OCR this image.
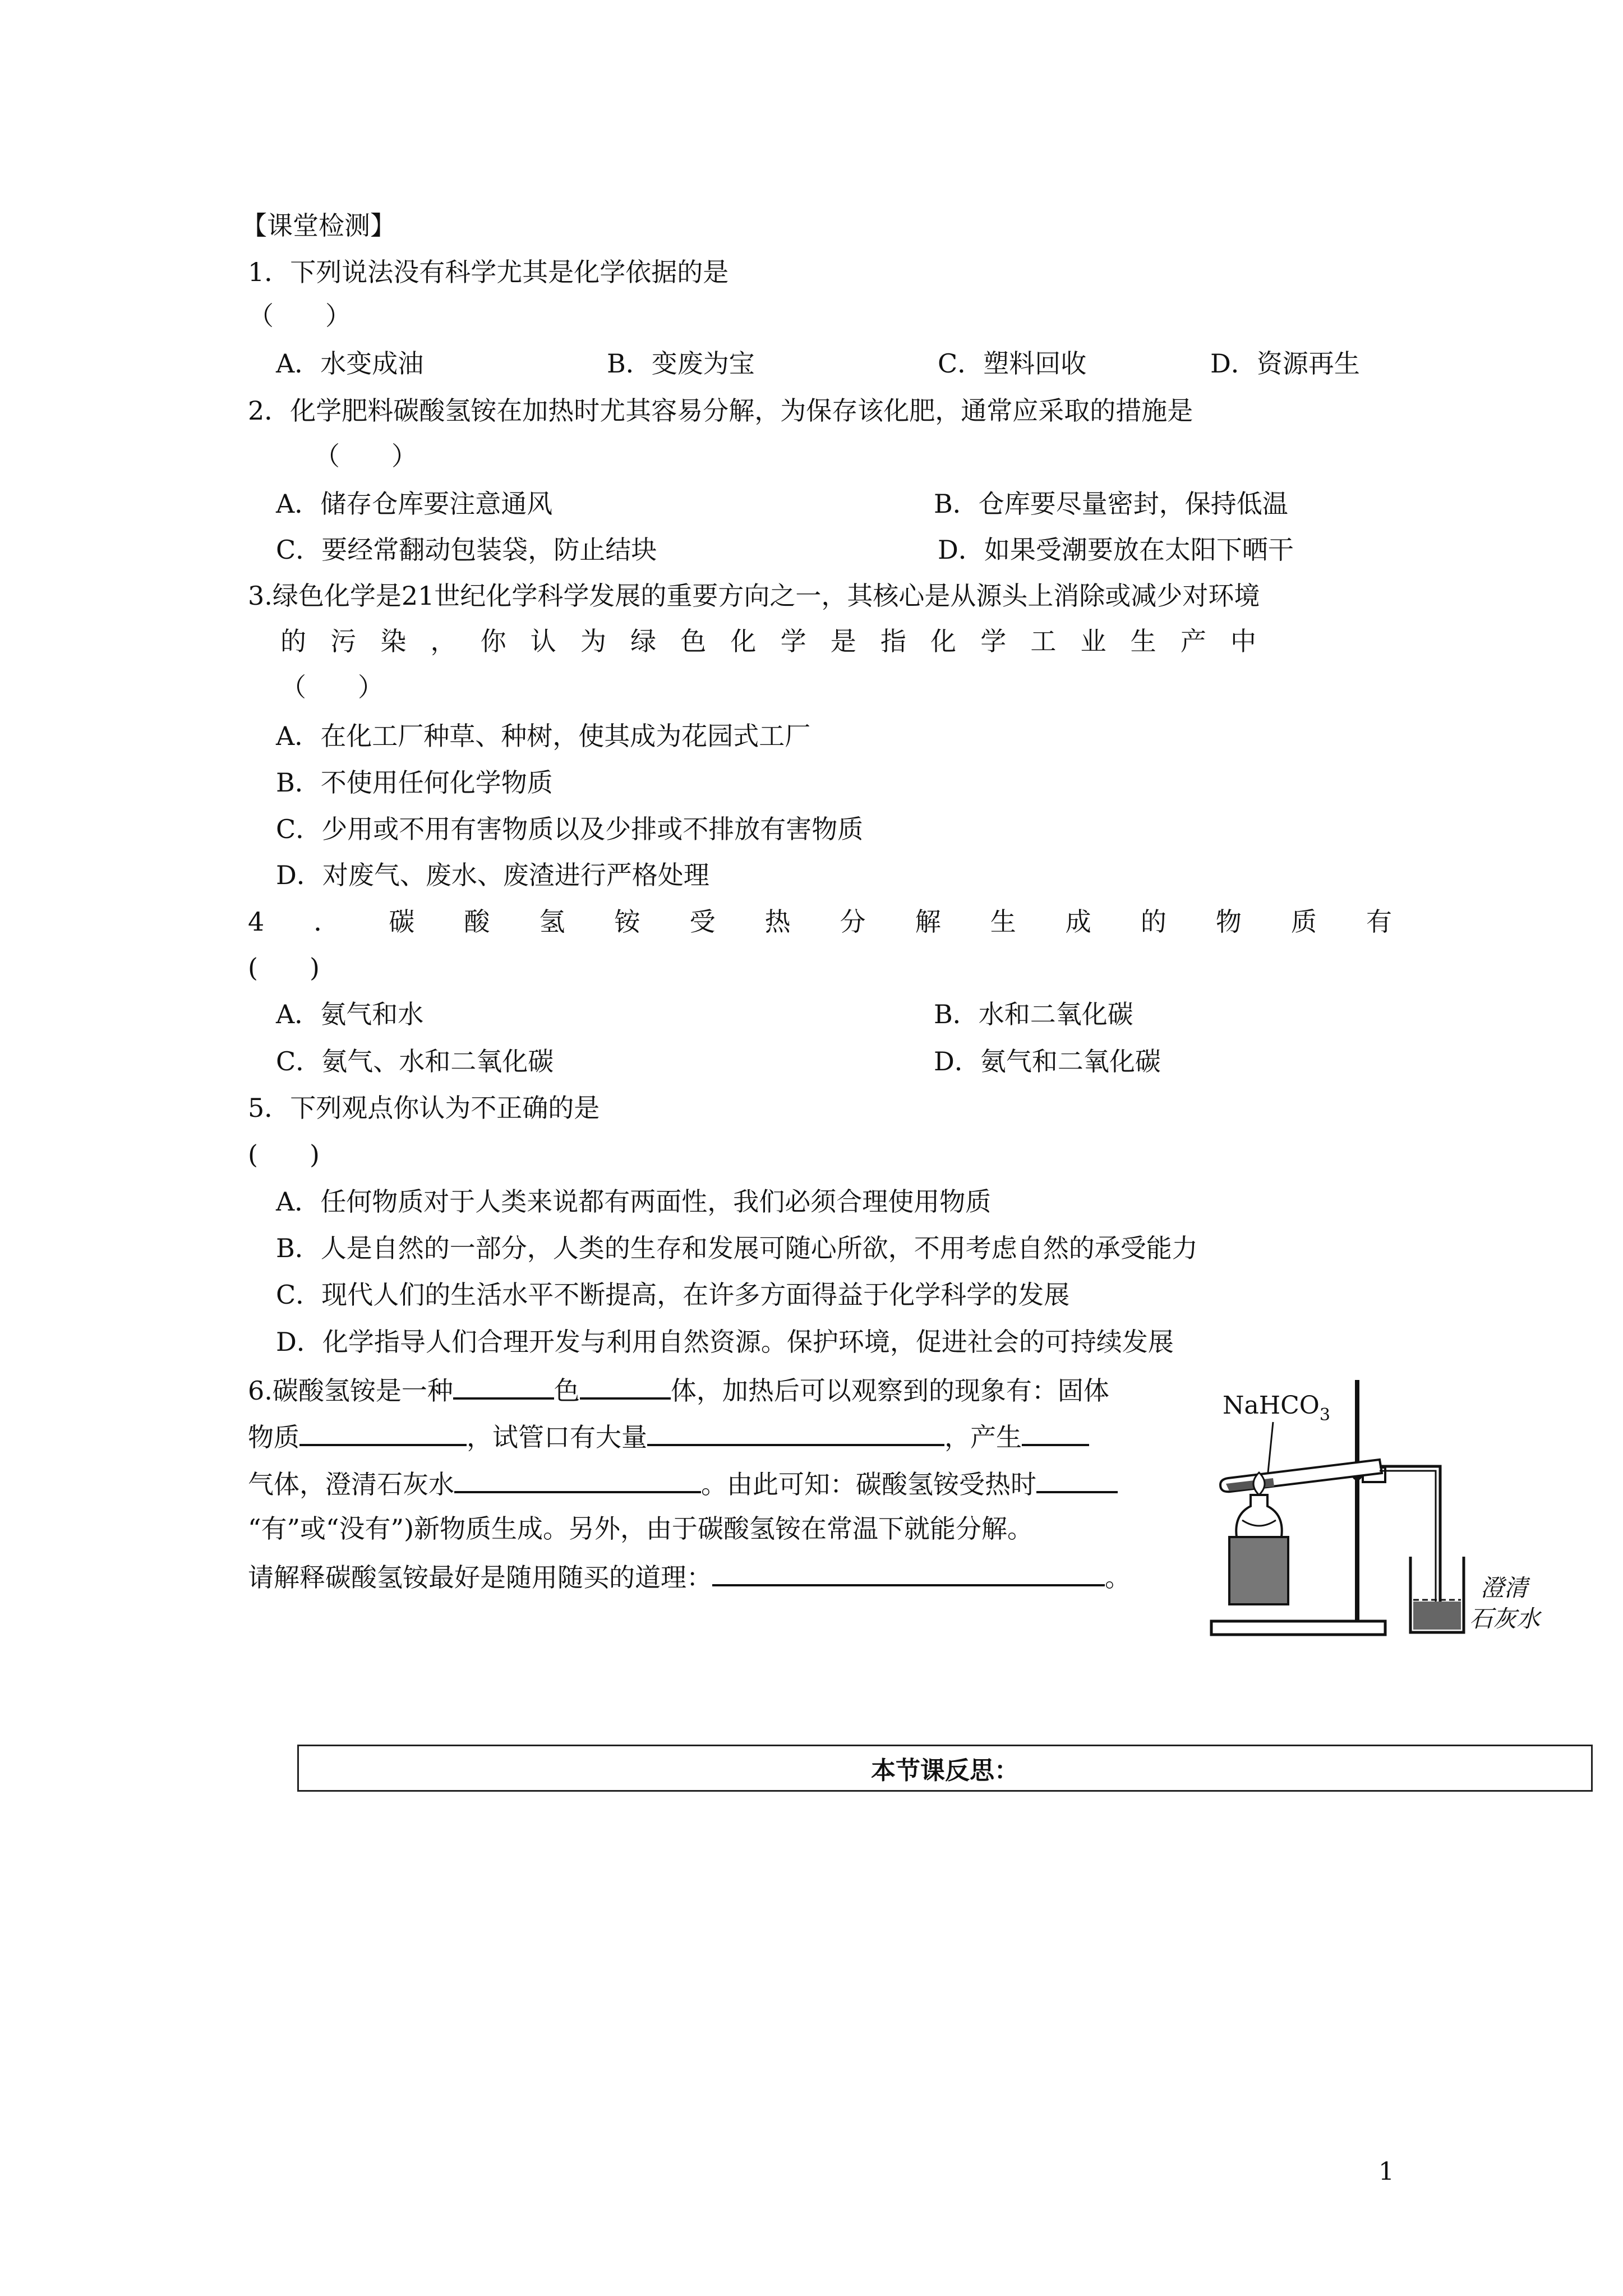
【课堂检测】
1．下列说法没有科学尤其是化学依据的是
（　　）
A．水变成油	B．变废为宝	C．塑料回收	D．资源再生
2．化学肥料碳酸氢铵在加热时尤其容易分解，为保存该化肥，通常应采取的措施是
（　　）
A．储存仓库要注意通风	B．仓库要尽量密封，保持低温
C．要经常翻动包装袋，防止结块	D．如果受潮要放在太阳下晒干
3.绿色化学是21世纪化学科学发展的重要方向之一，其核心是从源头上消除或减少对环境
的 污 染 ， 你 认 为 绿 色 化 学 是 指 化 学 工 业 生 产 中
（　　）
A．在化工厂种草、种树，使其成为花园式工厂
B．不使用任何化学物质
C．少用或不用有害物质以及少排或不排放有害物质
D．对废气、废水、废渣进行严格处理
4 ． 碳 酸 氢 铵 受 热 分 解 生 成 的 物 质 有
(　　)
A．氨气和水	B．水和二氧化碳
C．氨气、水和二氧化碳	D．氨气和二氧化碳
5．下列观点你认为不正确的是
(　　)
A．任何物质对于人类来说都有两面性，我们必须合理使用物质
B．人是自然的一部分，人类的生存和发展可随心所欲，不用考虑自然的承受能力
C．现代人们的生活水平不断提高，在许多方面得益于化学科学的发展
D．化学指导人们合理开发与利用自然资源。保护环境，促进社会的可持续发展
6.碳酸氢铵是一种	色	体，加热后可以观察到的现象有：固体
物质	，试管口有大量	，产生
气体，澄清石灰水	。由此可知：碳酸氢铵受热时
“有”或“没有”)新物质生成。另外，由于碳酸氢铵在常温下就能分解。
请解释碳酸氢铵最好是随用随买的道理：	。
NaHCO$_3$
澄清
石灰水
本节课反思：
1
